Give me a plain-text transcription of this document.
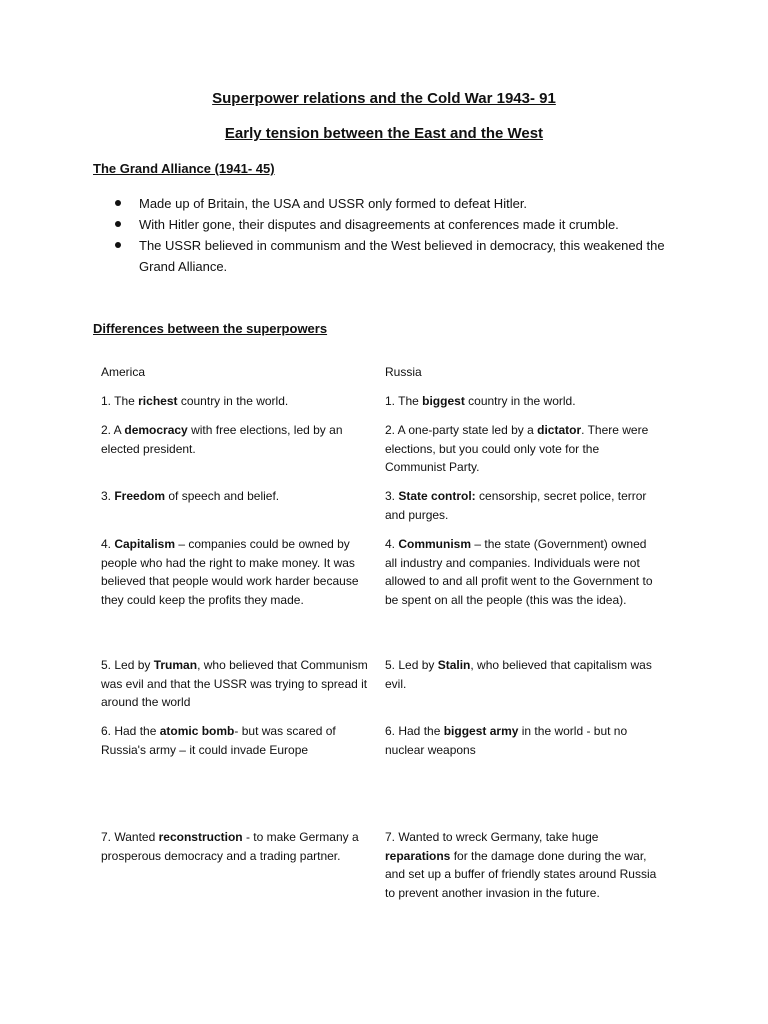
Superpower relations and the Cold War 1943- 91
Early tension between the East and the West
The Grand Alliance (1941- 45)
Made up of Britain, the USA and USSR only formed to defeat Hitler.
With Hitler gone, their disputes and disagreements at conferences made it crumble.
The USSR believed in communism and the West believed in democracy, this weakened the Grand Alliance.
Differences between the superpowers
America	Russia
1. The richest country in the world.	1. The biggest country in the world.
2. A democracy with free elections, led by an elected president.
2. A one-party state led by a dictator. There were elections, but you could only vote for the Communist Party.
3. Freedom of speech and belief.	3. State control: censorship, secret police, terror and purges.
4. Capitalism – companies could be owned by people who had the right to make money. It was believed that people would work harder because they could keep the profits they made.
4. Communism – the state (Government) owned all industry and companies. Individuals were not allowed to and all profit went to the Government to be spent on all the people (this was the idea).
5. Led by Truman, who believed that Communism was evil and that the USSR was trying to spread it around the world
5. Led by Stalin, who believed that capitalism was evil.
6. Had the atomic bomb- but was scared of Russia's army – it could invade Europe
6. Had the biggest army in the world - but no nuclear weapons
7. Wanted reconstruction - to make Germany a prosperous democracy and a trading partner.
7. Wanted to wreck Germany, take huge reparations for the damage done during the war, and set up a buffer of friendly states around Russia to prevent another invasion in the future.
